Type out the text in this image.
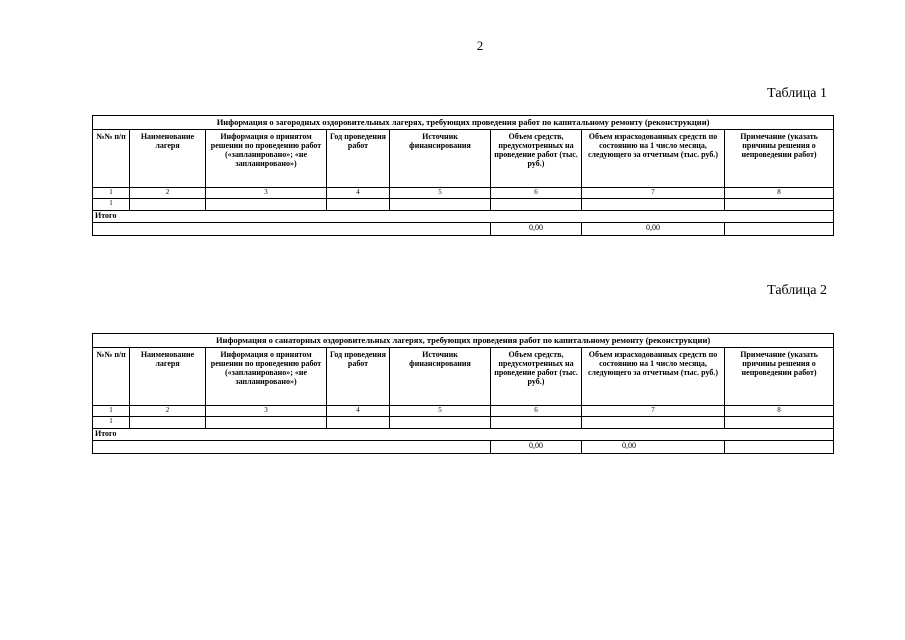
2
Таблица 1
Информация о загородных оздоровительных лагерях, требующих проведения работ по капитальному ремонту (реконструкции)							
№№ п/п	Наименование лагеря	Информация о принятом решении по проведению работ («запланировано»; «не запланировано»)	Год проведения работ	Источник финансирования	Объем средств, предусмотренных на проведение работ (тыс. руб.)	Объем израсходованных средств по состоянию на 1 число месяца, следующего за отчетным (тыс. руб.)	Примечание (указать причины решения о непроведении работ)
1	2	3	4	5	6	7	8
1							
Итого							
					0,00	0,00	
Таблица 2
Информация о санаторных оздоровительных лагерях, требующих проведения работ по капитальному ремонту (реконструкции)							
№№ п/п	Наименование лагеря	Информация о принятом решении по проведению работ («запланировано»; «не запланировано»)	Год проведения работ	Источник финансирования	Объем средств, предусмотренных на проведение работ (тыс. руб.)	Объем израсходованных средств по состоянию на 1 число месяца, следующего за отчетным (тыс. руб.)	Примечание (указать причины решения о непроведении работ)
1	2	3	4	5	6	7	8
1							
Итого							
					0,00	0,00	
